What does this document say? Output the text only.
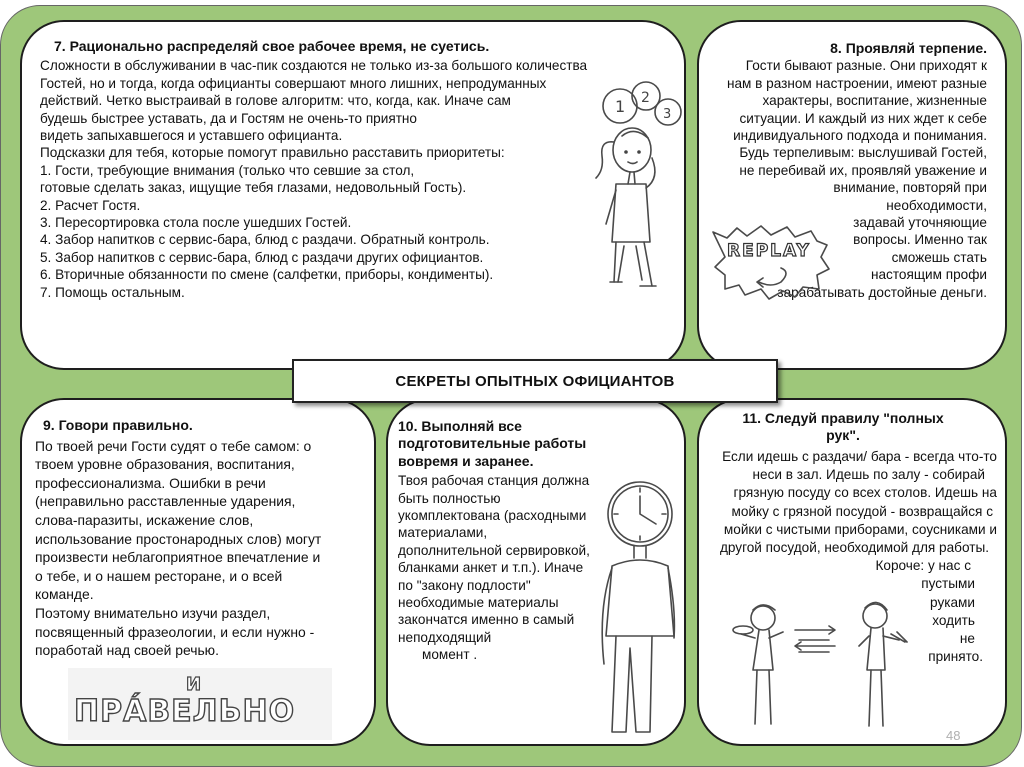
7. Рационально распределяй свое рабочее время, не суетись.
Сложности в обслуживании в час-пик создаются не только из-за большого количества
Гостей, но и тогда, когда официанты совершают много лишних, непродуманных
действий. Четко выстраивай в голове алгоритм: что, когда, как. Иначе сам
будешь быстрее уставать, да и Гостям не очень-то приятно
видеть запыхавшегося и уставшего официанта.
Подсказки для тебя, которые помогут правильно расставить приоритеты:
1. Гости, требующие внимания (только что севшие за стол,
готовые сделать заказ, ищущие тебя глазами, недовольный Гость).
2. Расчет Гостя.
3. Пересортировка стола после ушедших Гостей.
4. Забор напитков с сервис-бара, блюд с раздачи. Обратный контроль.
5. Забор напитков с сервис-бара, блюд с раздачи других официантов.
6. Вторичные обязанности по смене (салфетки, приборы, кондименты).
7. Помощь остальным.
1 2
3
8. Проявляй терпение.
Гости бывают разные. Они приходят к
нам в разном настроении, имеют разные
характеры, воспитание, жизненные
ситуации. И каждый из них ждет к себе
индивидуального подхода и понимания.
Будь терпеливым: выслушивай Гостей,
не перебивай их, проявляй уважение и
внимание, повторяй при
необходимости,
задавай уточняющие
вопросы. Именно так
сможешь стать
настоящим профи
зарабатывать достойные деньги.
REPLAY
9. Говори правильно.
По твоей речи Гости судят о тебе самом: о
твоем уровне образования, воспитания,
профессионализма. Ошибки в речи
(неправильно расставленные ударения,
слова-паразиты, искажение слов,
использование простонародных слов) могут
произвести неблагоприятное впечатление и
о тебе, и о нашем ресторане, и о всей
команде.
Поэтому внимательно изучи раздел,
посвященный фразеологии, и если нужно -
поработай над своей речью.
И
ПРÁВЕЛЬНО
10. Выполняй все
подготовительные работы
вовремя и заранее.
Твоя рабочая станция должна
быть полностью
укомплектована (расходными
материалами,
дополнительной сервировкой,
бланками анкет и т.п.). Иначе
по "закону подлости"
необходимые материалы
закончатся именно в самый
неподходящий
момент .
11. Следуй правилу "полных
рук".
Если идешь с раздачи/ бара - всегда что-то
неси в зал. Идешь по залу - собирай
грязную посуду со всех столов. Идешь на
мойку с грязной посудой - возвращайся с
мойки с чистыми приборами, соусниками и
другой посудой, необходимой для работы.
Короче: у нас с
пустыми
руками
ходить
не
принято.
СЕКРЕТЫ ОПЫТНЫХ ОФИЦИАНТОВ
48
